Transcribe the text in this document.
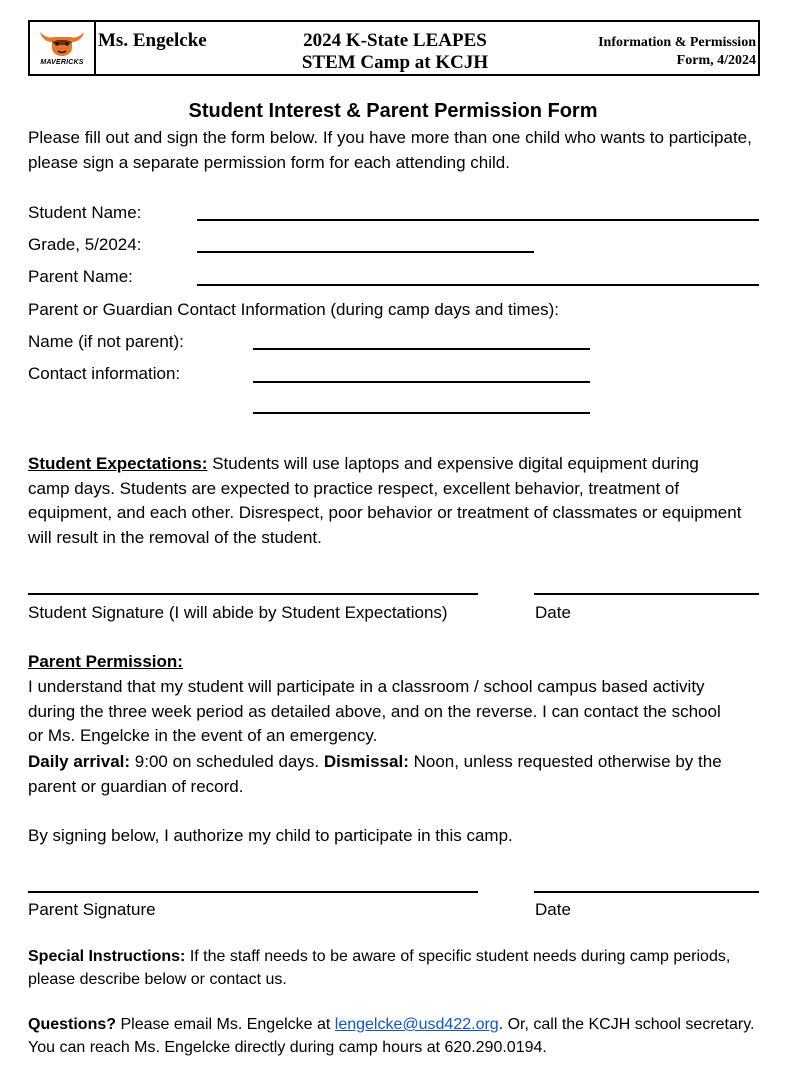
MAVERICKS
Ms. Engelcke	2024 K-State LEAPES
STEM Camp at KCJH
Information & Permission
Form, 4/2024
Student Interest & Parent Permission Form

Please fill out and sign the form below. If you have more than one child who wants to participate, please sign a separate permission form for each attending child.

Student Name:
Grade, 5/2024:
Parent Name:
Parent or Guardian Contact Information (during camp days and times):
Name (if not parent):
Contact information:

Student Expectations: Students will use laptops and expensive digital equipment during camp days. Students are expected to practice respect, excellent behavior, treatment of equipment, and each other. Disrespect, poor behavior or treatment of classmates or equipment will result in the removal of the student.

Student Signature (I will abide by Student Expectations)	Date
Parent Permission:

I understand that my student will participate in a classroom / school campus based activity during the three week period as detailed above, and on the reverse. I can contact the school or Ms. Engelcke in the event of an emergency.

Daily arrival: 9:00 on scheduled days. Dismissal: Noon, unless requested otherwise by the parent or guardian of record.

By signing below, I authorize my child to participate in this camp.
Parent Signature	Date

Special Instructions: If the staff needs to be aware of specific student needs during camp periods, please describe below or contact us.

Questions? Please email Ms. Engelcke at lengelcke@usd422.org. Or, call the KCJH school secretary. You can reach Ms. Engelcke directly during camp hours at 620.290.0194.
